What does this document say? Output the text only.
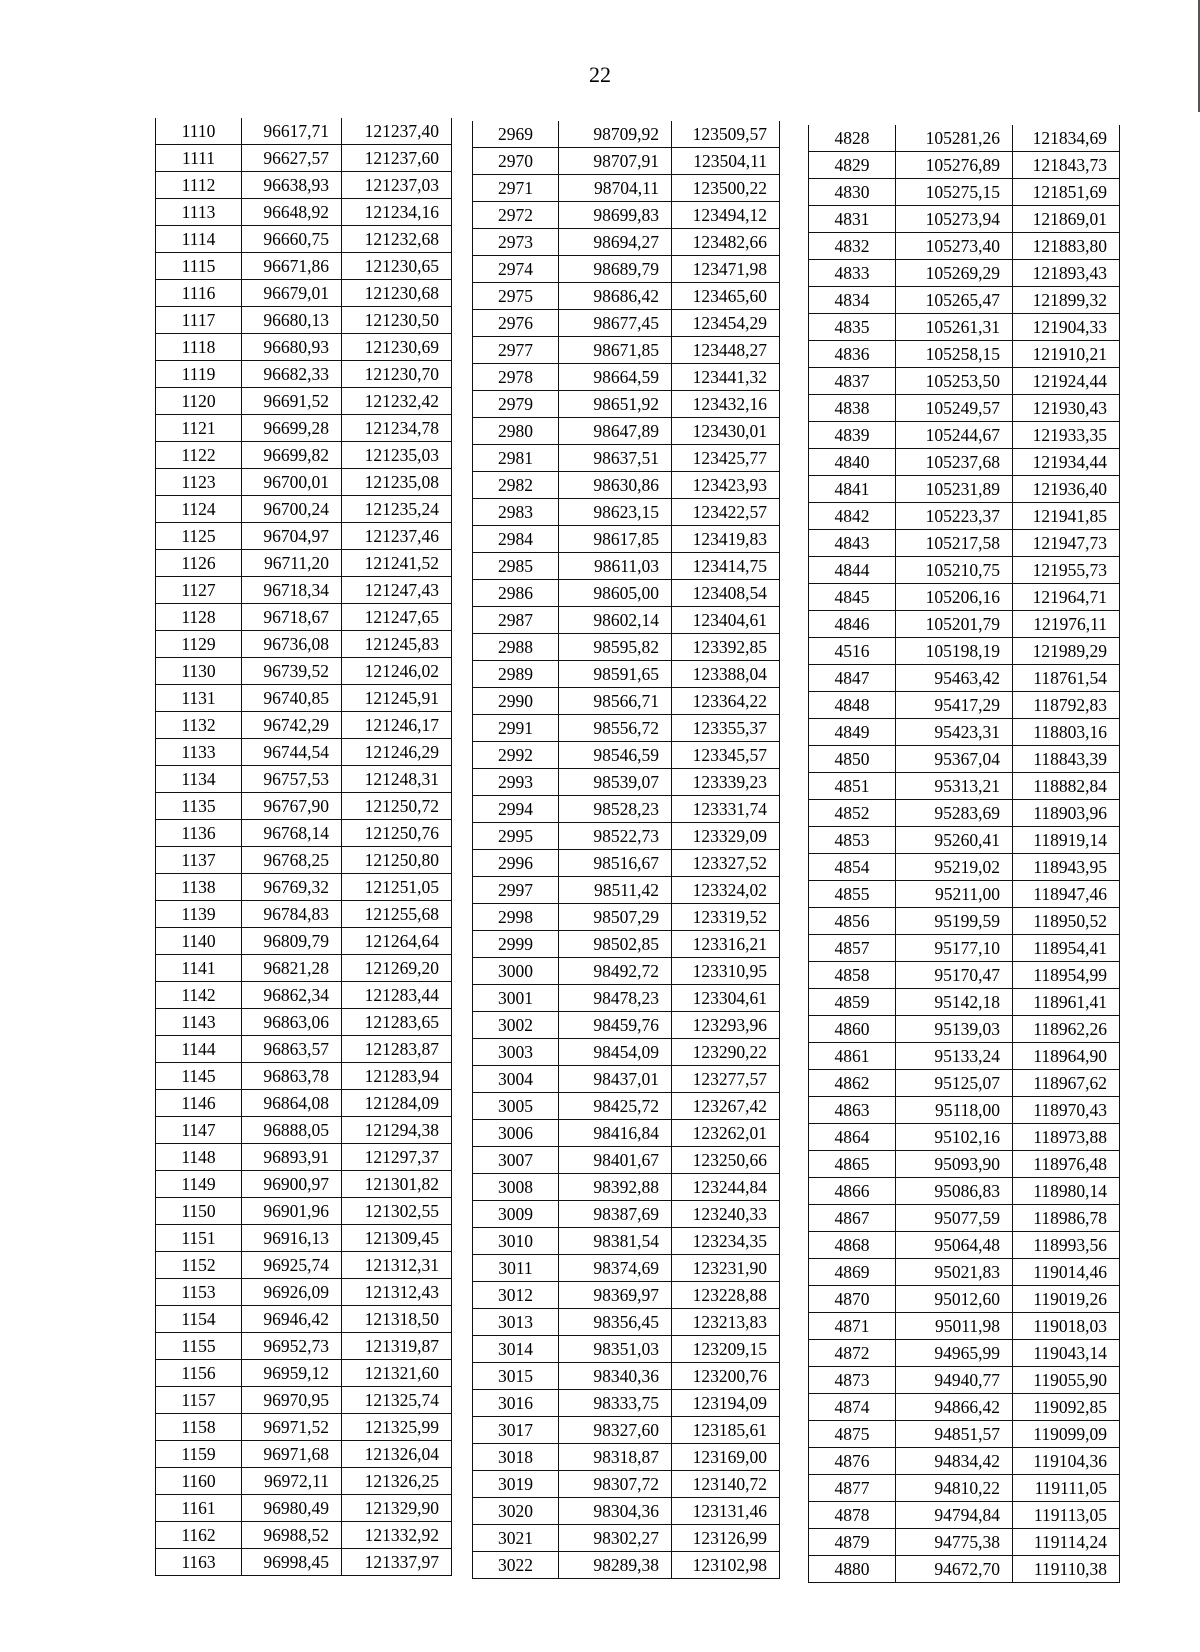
22
1110	96617,71	121237,40
1111	96627,57	121237,60
1112	96638,93	121237,03
1113	96648,92	121234,16
1114	96660,75	121232,68
1115	96671,86	121230,65
1116	96679,01	121230,68
1117	96680,13	121230,50
1118	96680,93	121230,69
1119	96682,33	121230,70
1120	96691,52	121232,42
1121	96699,28	121234,78
1122	96699,82	121235,03
1123	96700,01	121235,08
1124	96700,24	121235,24
1125	96704,97	121237,46
1126	96711,20	121241,52
1127	96718,34	121247,43
1128	96718,67	121247,65
1129	96736,08	121245,83
1130	96739,52	121246,02
1131	96740,85	121245,91
1132	96742,29	121246,17
1133	96744,54	121246,29
1134	96757,53	121248,31
1135	96767,90	121250,72
1136	96768,14	121250,76
1137	96768,25	121250,80
1138	96769,32	121251,05
1139	96784,83	121255,68
1140	96809,79	121264,64
1141	96821,28	121269,20
1142	96862,34	121283,44
1143	96863,06	121283,65
1144	96863,57	121283,87
1145	96863,78	121283,94
1146	96864,08	121284,09
1147	96888,05	121294,38
1148	96893,91	121297,37
1149	96900,97	121301,82
1150	96901,96	121302,55
1151	96916,13	121309,45
1152	96925,74	121312,31
1153	96926,09	121312,43
1154	96946,42	121318,50
1155	96952,73	121319,87
1156	96959,12	121321,60
1157	96970,95	121325,74
1158	96971,52	121325,99
1159	96971,68	121326,04
1160	96972,11	121326,25
1161	96980,49	121329,90
1162	96988,52	121332,92
1163	96998,45	121337,97
2969	98709,92	123509,57
2970	98707,91	123504,11
2971	98704,11	123500,22
2972	98699,83	123494,12
2973	98694,27	123482,66
2974	98689,79	123471,98
2975	98686,42	123465,60
2976	98677,45	123454,29
2977	98671,85	123448,27
2978	98664,59	123441,32
2979	98651,92	123432,16
2980	98647,89	123430,01
2981	98637,51	123425,77
2982	98630,86	123423,93
2983	98623,15	123422,57
2984	98617,85	123419,83
2985	98611,03	123414,75
2986	98605,00	123408,54
2987	98602,14	123404,61
2988	98595,82	123392,85
2989	98591,65	123388,04
2990	98566,71	123364,22
2991	98556,72	123355,37
2992	98546,59	123345,57
2993	98539,07	123339,23
2994	98528,23	123331,74
2995	98522,73	123329,09
2996	98516,67	123327,52
2997	98511,42	123324,02
2998	98507,29	123319,52
2999	98502,85	123316,21
3000	98492,72	123310,95
3001	98478,23	123304,61
3002	98459,76	123293,96
3003	98454,09	123290,22
3004	98437,01	123277,57
3005	98425,72	123267,42
3006	98416,84	123262,01
3007	98401,67	123250,66
3008	98392,88	123244,84
3009	98387,69	123240,33
3010	98381,54	123234,35
3011	98374,69	123231,90
3012	98369,97	123228,88
3013	98356,45	123213,83
3014	98351,03	123209,15
3015	98340,36	123200,76
3016	98333,75	123194,09
3017	98327,60	123185,61
3018	98318,87	123169,00
3019	98307,72	123140,72
3020	98304,36	123131,46
3021	98302,27	123126,99
3022	98289,38	123102,98
4828	105281,26	121834,69
4829	105276,89	121843,73
4830	105275,15	121851,69
4831	105273,94	121869,01
4832	105273,40	121883,80
4833	105269,29	121893,43
4834	105265,47	121899,32
4835	105261,31	121904,33
4836	105258,15	121910,21
4837	105253,50	121924,44
4838	105249,57	121930,43
4839	105244,67	121933,35
4840	105237,68	121934,44
4841	105231,89	121936,40
4842	105223,37	121941,85
4843	105217,58	121947,73
4844	105210,75	121955,73
4845	105206,16	121964,71
4846	105201,79	121976,11
4516	105198,19	121989,29
4847	95463,42	118761,54
4848	95417,29	118792,83
4849	95423,31	118803,16
4850	95367,04	118843,39
4851	95313,21	118882,84
4852	95283,69	118903,96
4853	95260,41	118919,14
4854	95219,02	118943,95
4855	95211,00	118947,46
4856	95199,59	118950,52
4857	95177,10	118954,41
4858	95170,47	118954,99
4859	95142,18	118961,41
4860	95139,03	118962,26
4861	95133,24	118964,90
4862	95125,07	118967,62
4863	95118,00	118970,43
4864	95102,16	118973,88
4865	95093,90	118976,48
4866	95086,83	118980,14
4867	95077,59	118986,78
4868	95064,48	118993,56
4869	95021,83	119014,46
4870	95012,60	119019,26
4871	95011,98	119018,03
4872	94965,99	119043,14
4873	94940,77	119055,90
4874	94866,42	119092,85
4875	94851,57	119099,09
4876	94834,42	119104,36
4877	94810,22	119111,05
4878	94794,84	119113,05
4879	94775,38	119114,24
4880	94672,70	119110,38
